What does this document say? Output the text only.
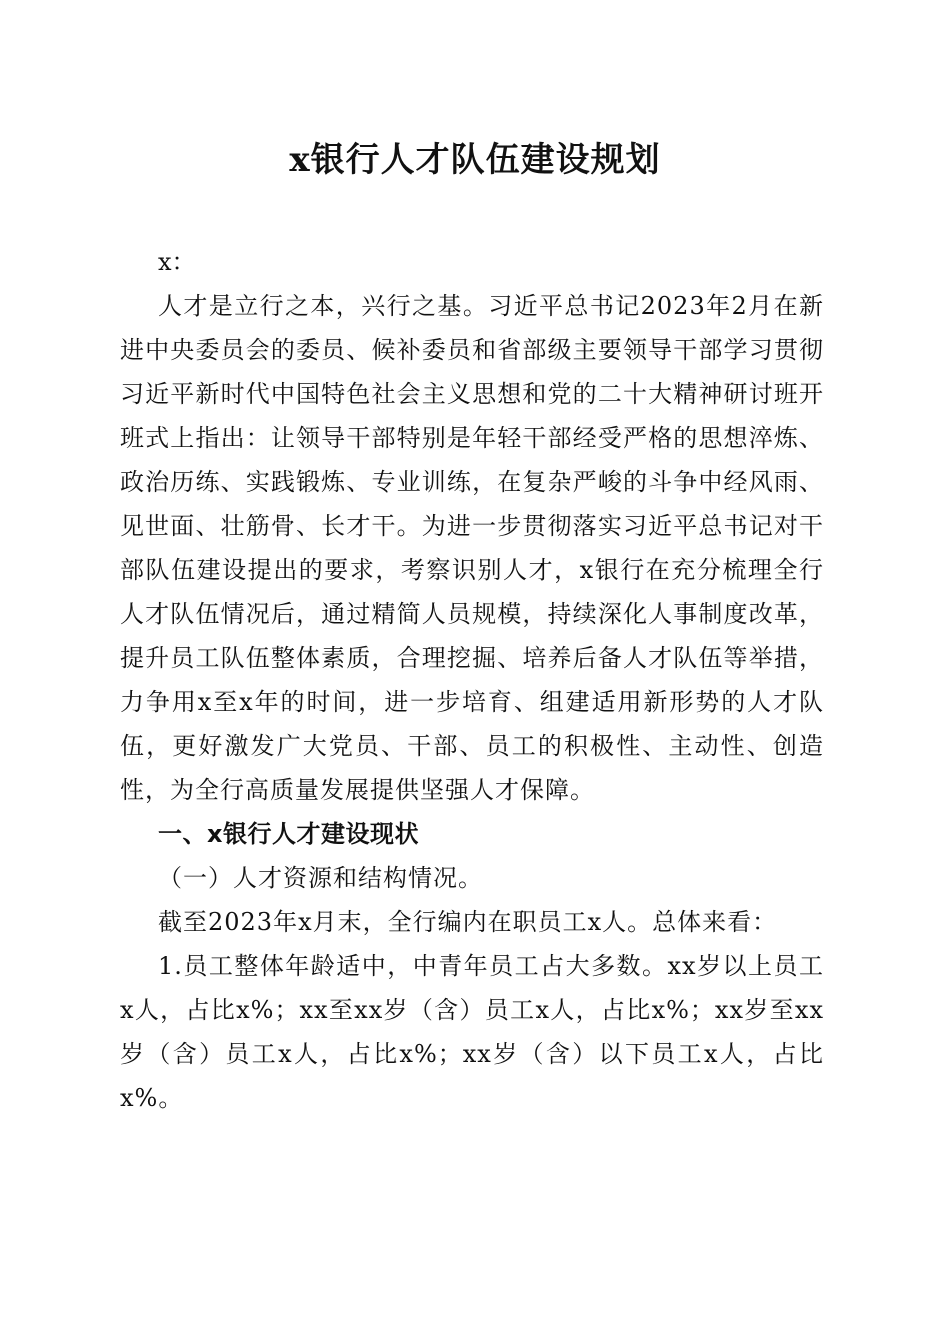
x银行人才队伍建设规划

x：

人才是立行之本，兴行之基。习近平总书记2023年2月在新进中央委员会的委员、候补委员和省部级主要领导干部学习贯彻习近平新时代中国特色社会主义思想和党的二十大精神研讨班开班式上指出：让领导干部特别是年轻干部经受严格的思想淬炼、政治历练、实践锻炼、专业训练，在复杂严峻的斗争中经风雨、见世面、壮筋骨、长才干。为进一步贯彻落实习近平总书记对干部队伍建设提出的要求，考察识别人才，x银行在充分梳理全行人才队伍情况后，通过精简人员规模，持续深化人事制度改革，提升员工队伍整体素质，合理挖掘、培养后备人才队伍等举措，力争用x至x年的时间，进一步培育、组建适用新形势的人才队伍，更好激发广大党员、干部、员工的积极性、主动性、创造性，为全行高质量发展提供坚强人才保障。

一、x银行人才建设现状

（一）人才资源和结构情况。

截至2023年x月末，全行编内在职员工x人。总体来看：

1.员工整体年龄适中，中青年员工占大多数。xx岁以上员工x人，占比x%；xx至xx岁（含）员工x人，占比x%；xx岁至xx岁（含）员工x人，占比x%；xx岁（含）以下员工x人，占比x%。
